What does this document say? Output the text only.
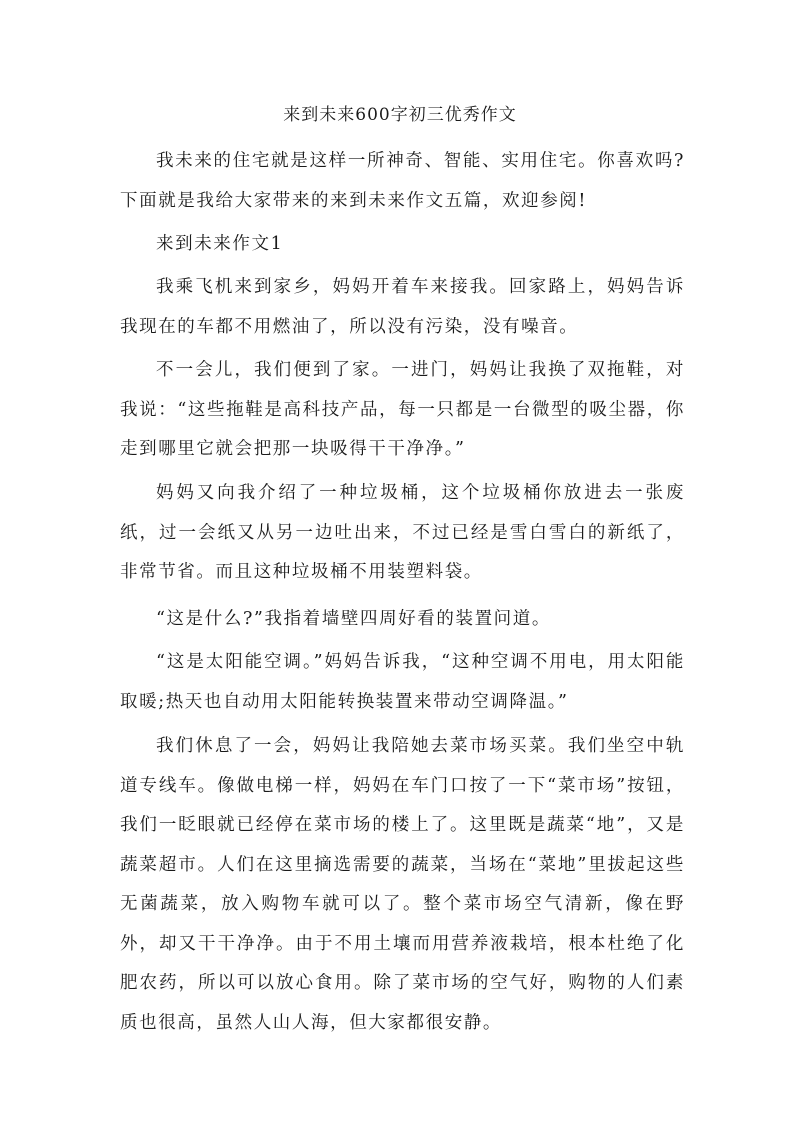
来到未来600字初三优秀作文

我未来的住宅就是这样一所神奇、智能、实用住宅。你喜欢吗?下面就是我给大家带来的来到未来作文五篇，欢迎参阅!

来到未来作文1

我乘飞机来到家乡，妈妈开着车来接我。回家路上，妈妈告诉我现在的车都不用燃油了，所以没有污染，没有噪音。

不一会儿，我们便到了家。一进门，妈妈让我换了双拖鞋，对我说：“这些拖鞋是高科技产品，每一只都是一台微型的吸尘器，你走到哪里它就会把那一块吸得干干净净。”

妈妈又向我介绍了一种垃圾桶，这个垃圾桶你放进去一张废纸，过一会纸又从另一边吐出来，不过已经是雪白雪白的新纸了，非常节省。而且这种垃圾桶不用装塑料袋。

“这是什么?”我指着墙壁四周好看的装置问道。

“这是太阳能空调。”妈妈告诉我，“这种空调不用电，用太阳能取暖;热天也自动用太阳能转换装置来带动空调降温。”

我们休息了一会，妈妈让我陪她去菜市场买菜。我们坐空中轨道专线车。像做电梯一样，妈妈在车门口按了一下“菜市场”按钮，我们一眨眼就已经停在菜市场的楼上了。这里既是蔬菜“地”，又是蔬菜超市。人们在这里摘选需要的蔬菜，当场在“菜地”里拔起这些无菌蔬菜，放入购物车就可以了。整个菜市场空气清新，像在野外，却又干干净净。由于不用土壤而用营养液栽培，根本杜绝了化肥农药，所以可以放心食用。除了菜市场的空气好，购物的人们素质也很高，虽然人山人海，但大家都很安静。
